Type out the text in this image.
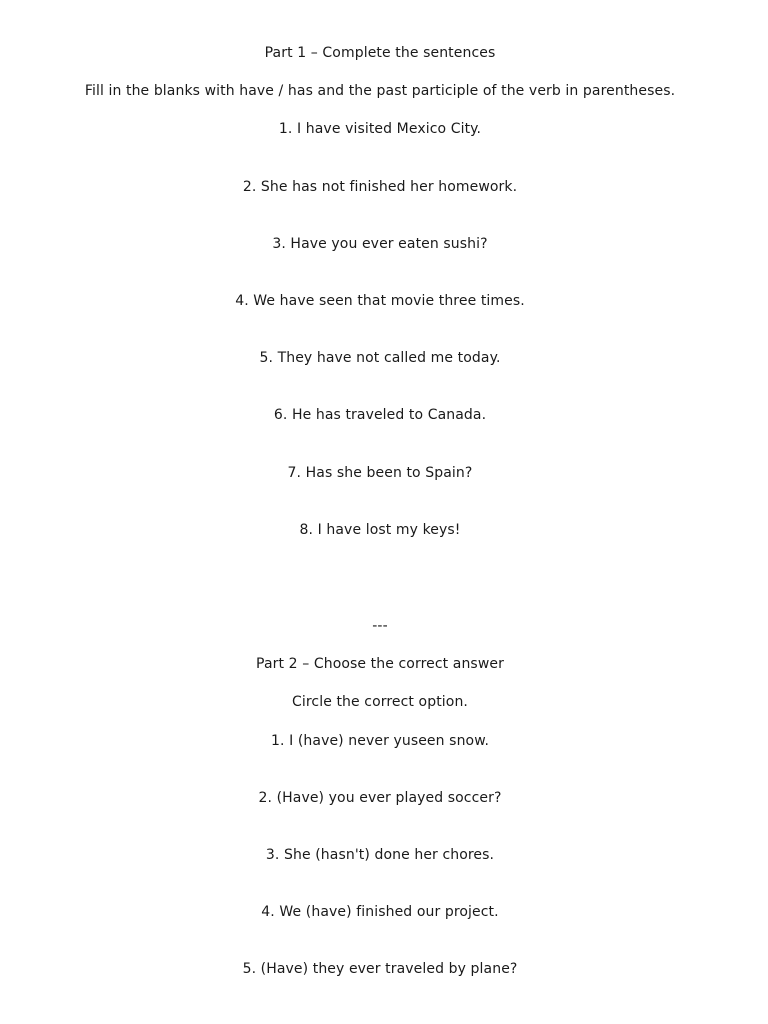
Part 1 – Complete the sentences
Fill in the blanks with have / has and the past participle of the verb in parentheses.
1. I have visited Mexico City.
2. She has not finished her homework.
3. Have you ever eaten sushi?
4. We have seen that movie three times.
5. They have not called me today.
6. He has traveled to Canada.
7. Has she been to Spain?
8. I have lost my keys!
---
Part 2 – Choose the correct answer
Circle the correct option.
1. I (have) never yuseen snow.
2. (Have) you ever played soccer?
3. She (hasn't) done her chores.
4. We (have) finished our project.
5. (Have) they ever traveled by plane?
